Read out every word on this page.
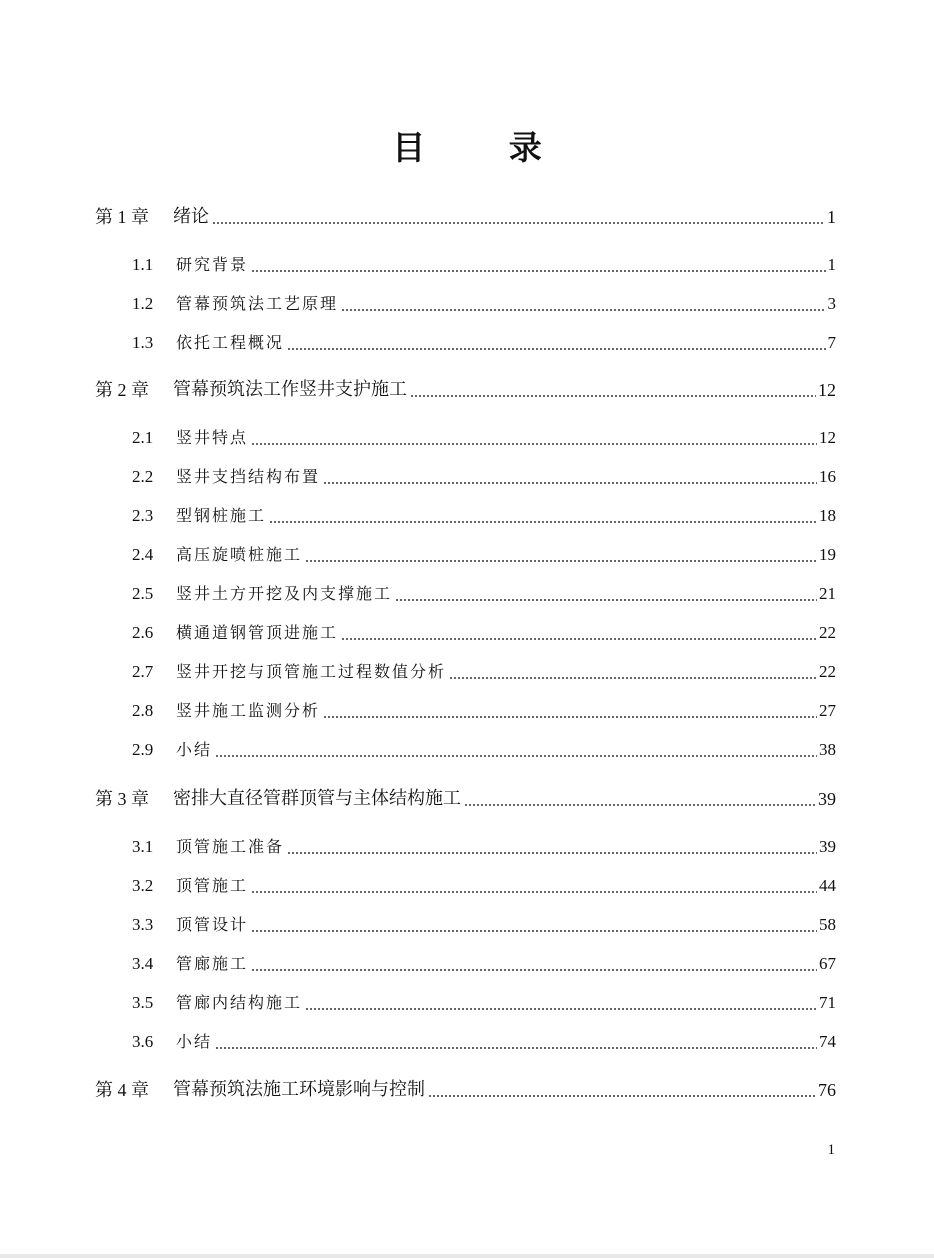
目 录
第 1 章 绪论	1
1.1 研究背景	1
1.2 管幕预筑法工艺原理	3
1.3 依托工程概况	7
第 2 章 管幕预筑法工作竖井支护施工	12
2.1 竖井特点	12
2.2 竖井支挡结构布置	16
2.3 型钢桩施工	18
2.4 高压旋喷桩施工	19
2.5 竖井土方开挖及内支撑施工	21
2.6 横通道钢管顶进施工	22
2.7 竖井开挖与顶管施工过程数值分析	22
2.8 竖井施工监测分析	27
2.9 小结	38
第 3 章 密排大直径管群顶管与主体结构施工	39
3.1 顶管施工准备	39
3.2 顶管施工	44
3.3 顶管设计	58
3.4 管廊施工	67
3.5 管廊内结构施工	71
3.6 小结	74
第 4 章 管幕预筑法施工环境影响与控制	76
1
